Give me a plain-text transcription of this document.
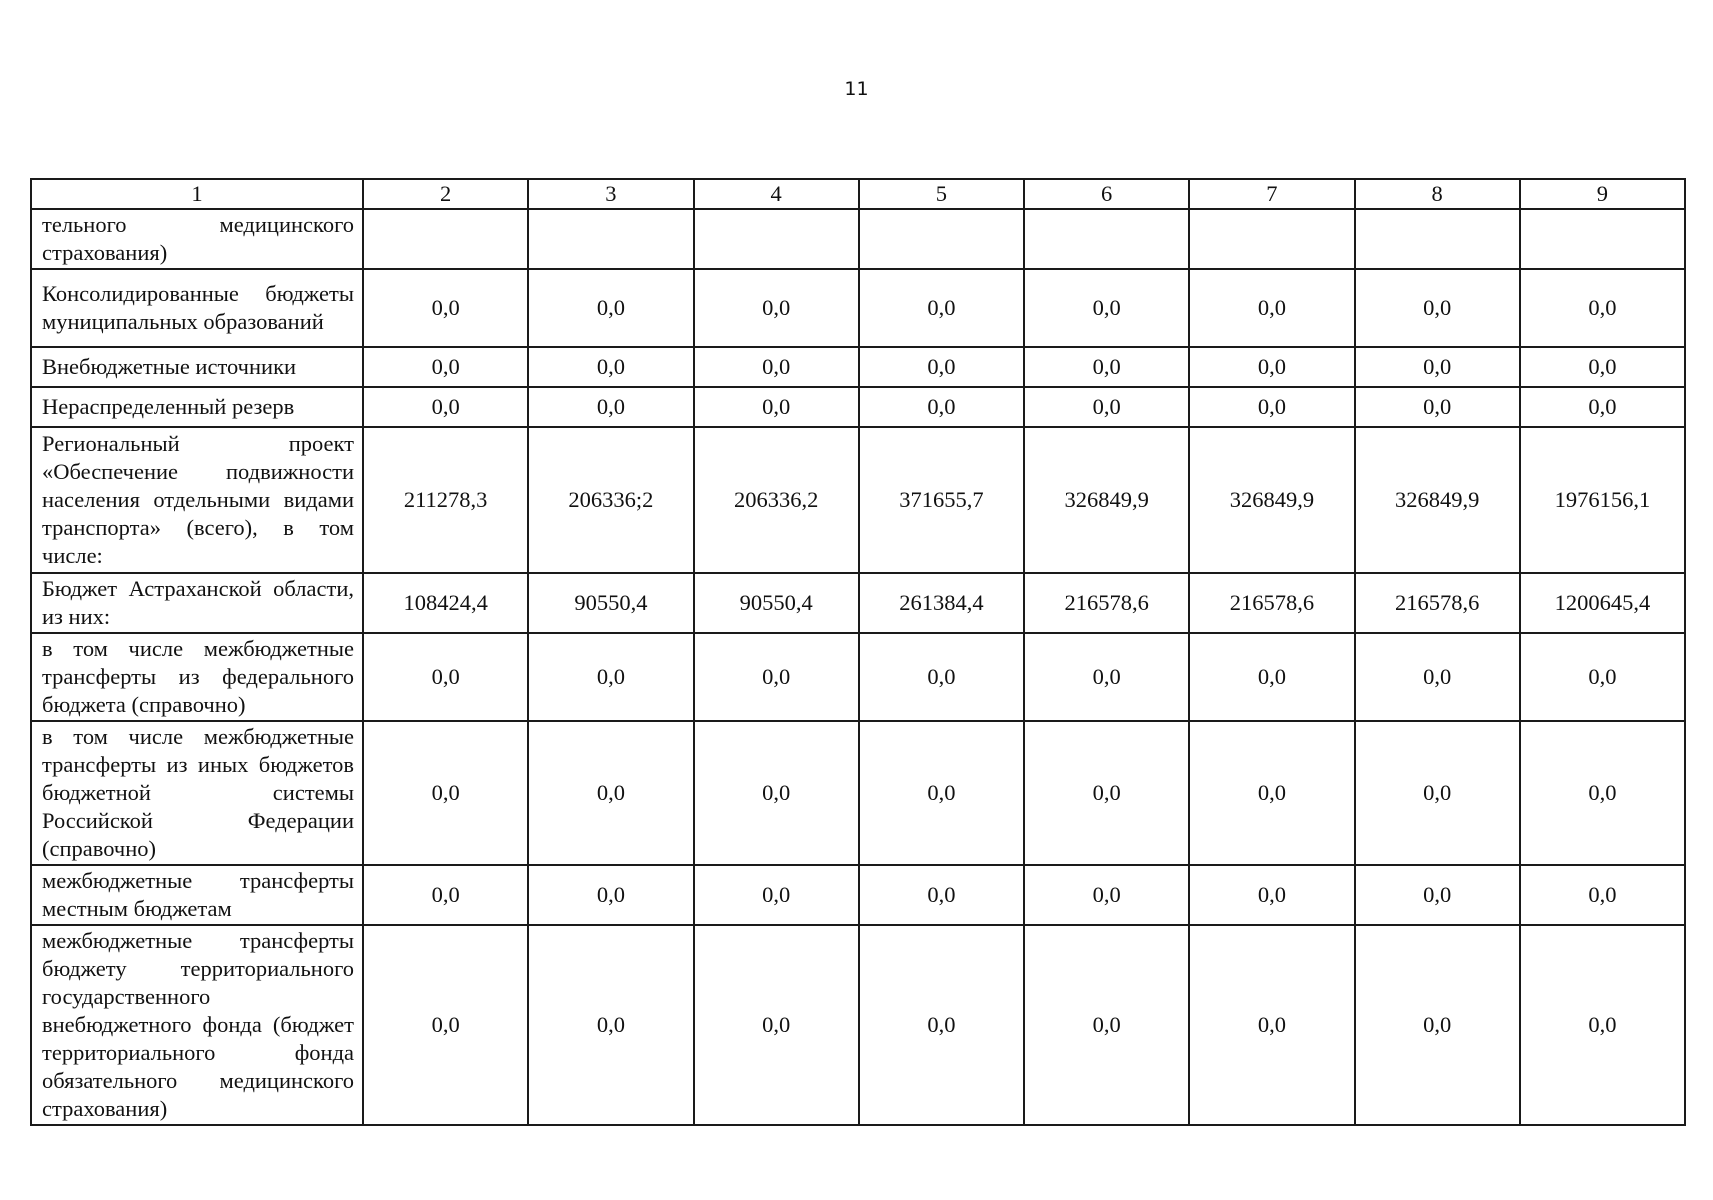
11
1	2	3	4	5	6	7	8	9
тельного медицинского страхования)								
Консолидированные бюджеты муниципальных образований	0,0	0,0	0,0	0,0	0,0	0,0	0,0	0,0
Внебюджетные источники	0,0	0,0	0,0	0,0	0,0	0,0	0,0	0,0
Нераспределенный резерв	0,0	0,0	0,0	0,0	0,0	0,0	0,0	0,0
Региональный проект «Обеспечение подвижности населения отдельными видами транспорта» (всего), в том числе:	211278,3	206336;2	206336,2	371655,7	326849,9	326849,9	326849,9	1976156,1
Бюджет Астраханской области, из них:	108424,4	90550,4	90550,4	261384,4	216578,6	216578,6	216578,6	1200645,4
в том числе межбюджетные трансферты из федерального бюджета (справочно)	0,0	0,0	0,0	0,0	0,0	0,0	0,0	0,0
в том числе межбюджетные трансферты из иных бюджетов бюджетной системы Российской Федерации (справочно)	0,0	0,0	0,0	0,0	0,0	0,0	0,0	0,0
межбюджетные трансферты местным бюджетам	0,0	0,0	0,0	0,0	0,0	0,0	0,0	0,0
межбюджетные трансферты бюджету территориального государственного внебюджетного фонда (бюджет территориального фонда обязательного медицинского страхования)	0,0	0,0	0,0	0,0	0,0	0,0	0,0	0,0
